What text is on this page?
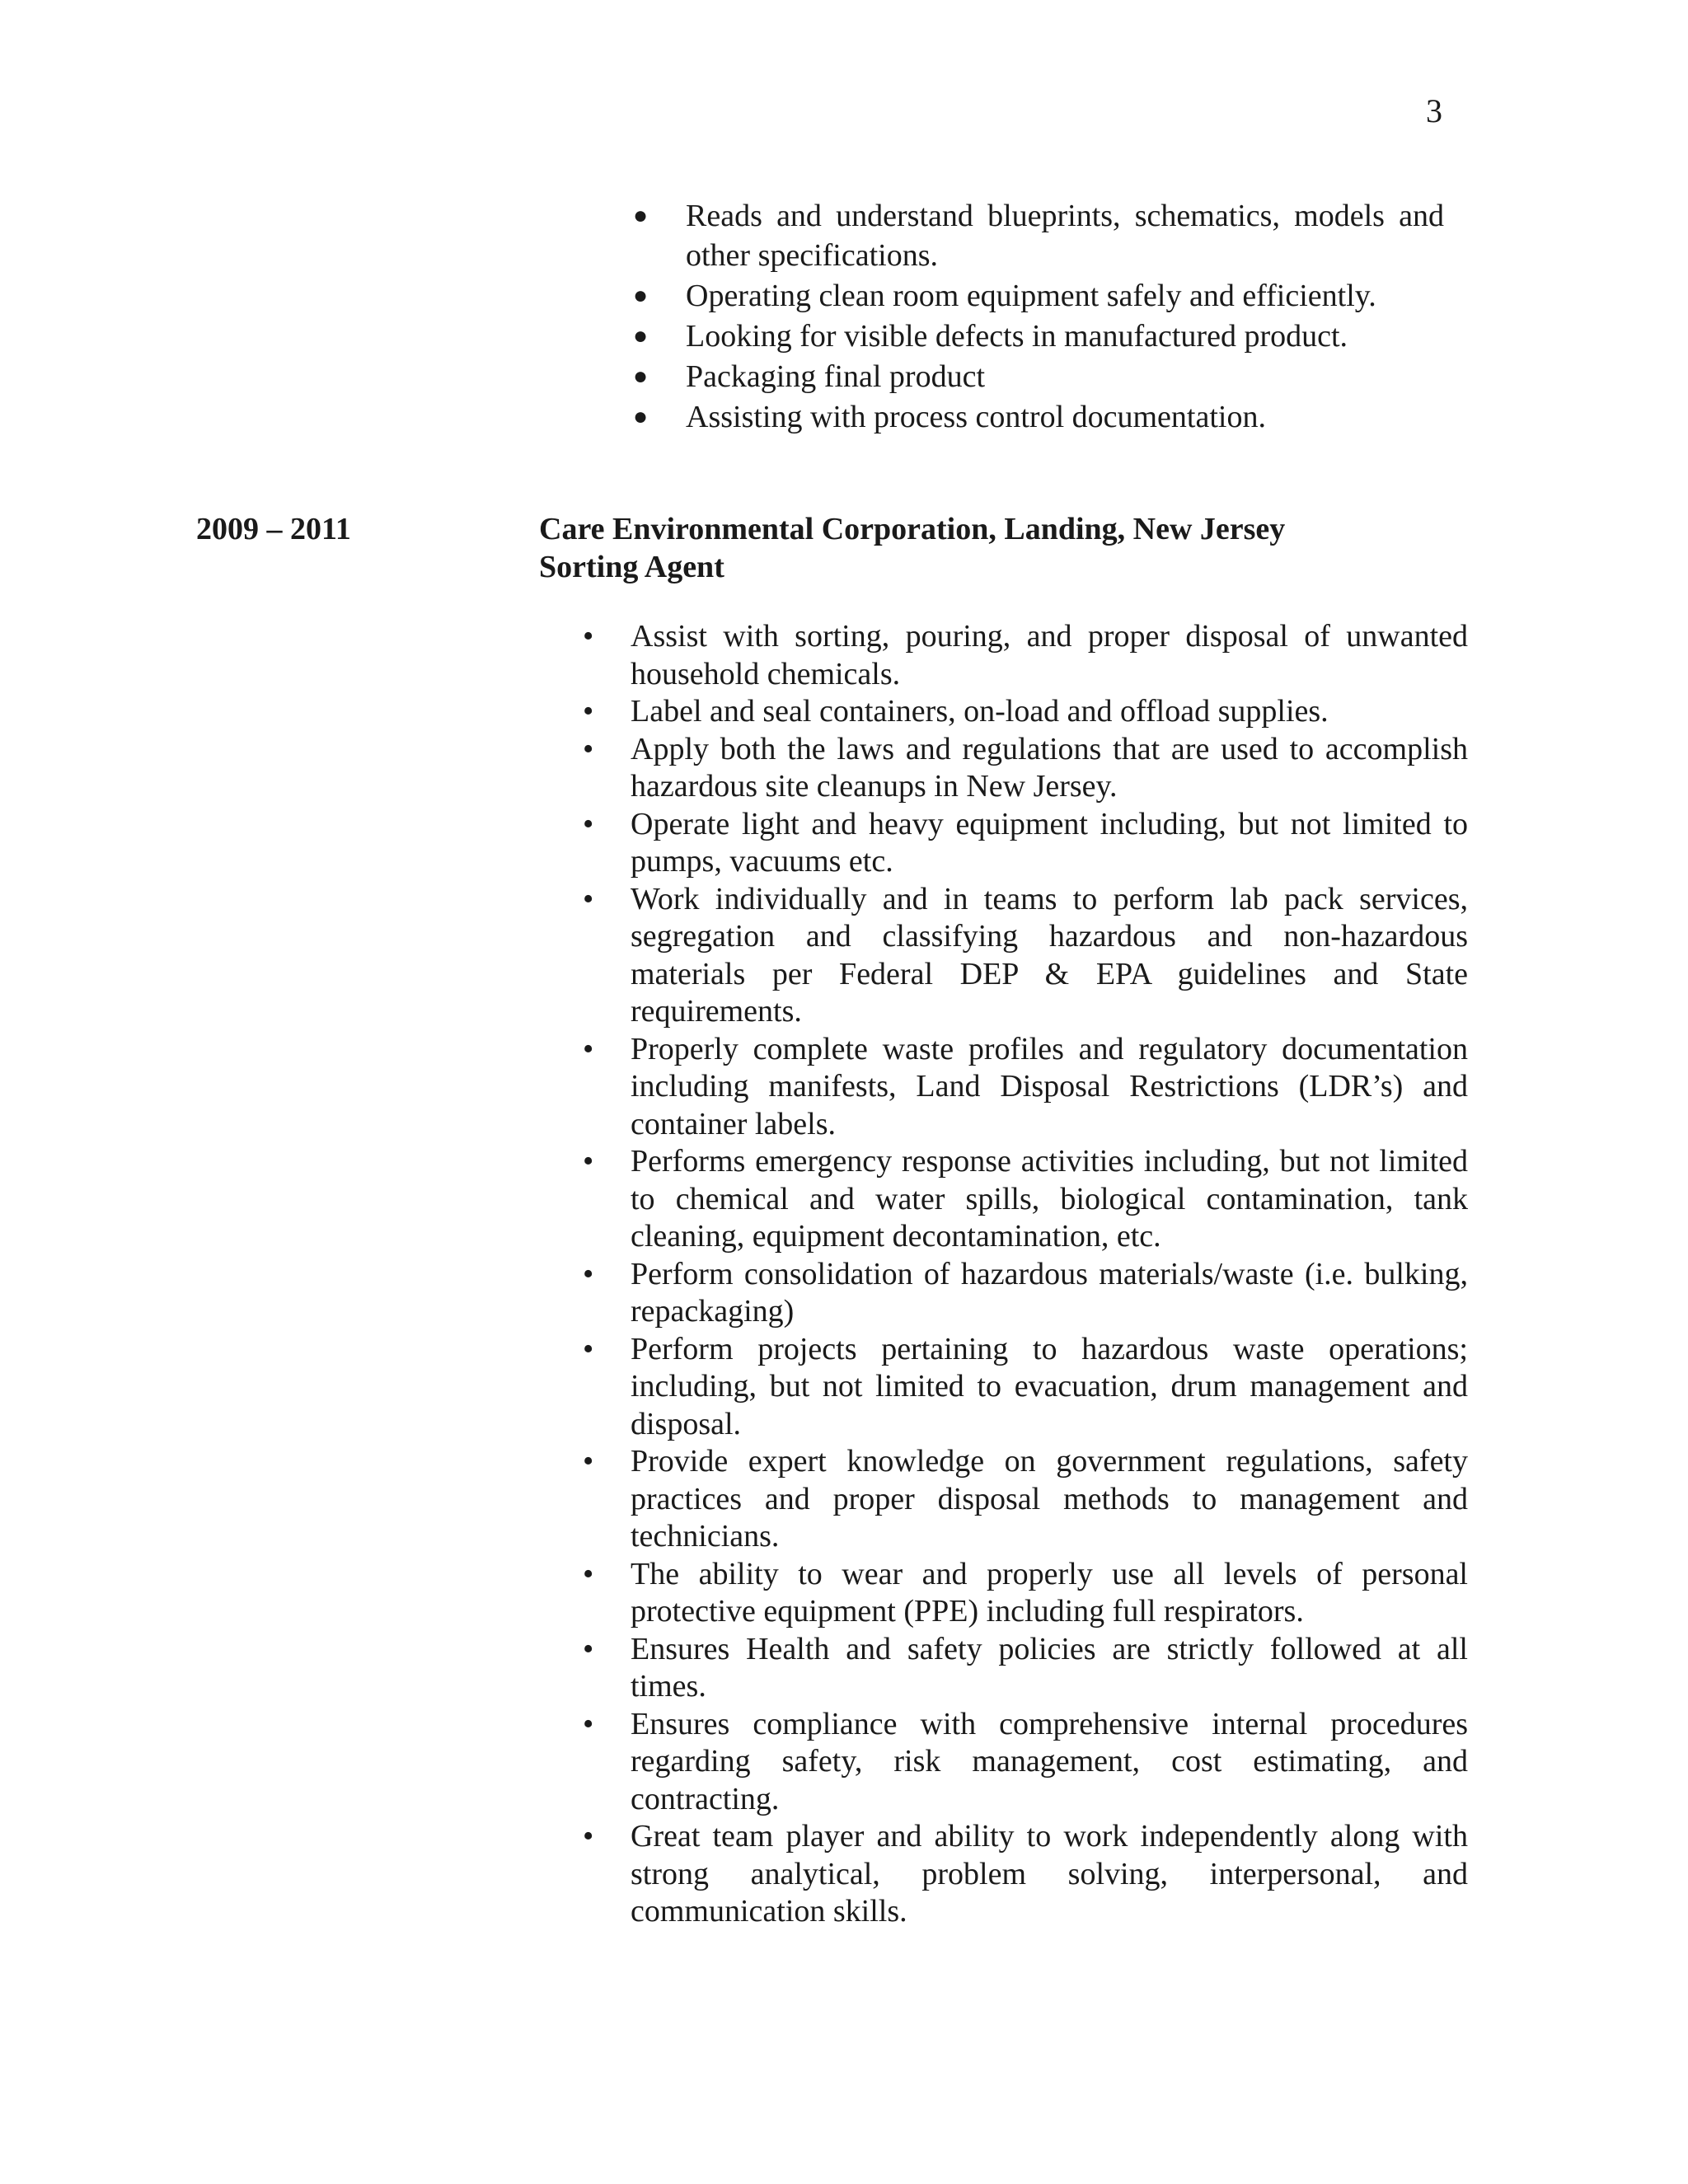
3
● Reads and understand blueprints, schematics, models and other specifications.
● Operating clean room equipment safely and efficiently.
● Looking for visible defects in manufactured product.
● Packaging final product
● Assisting with process control documentation.
2009 – 2011	Care Environmental Corporation, Landing, New Jersey
Sorting Agent
• Assist with sorting, pouring, and proper disposal of unwanted household chemicals.
• Label and seal containers, on-load and offload supplies.
• Apply both the laws and regulations that are used to accomplish hazardous site cleanups in New Jersey.
• Operate light and heavy equipment including, but not limited to pumps, vacuums etc.
• Work individually and in teams to perform lab pack services, segregation and classifying hazardous and non-hazardous materials per Federal DEP & EPA guidelines and State requirements.
• Properly complete waste profiles and regulatory documentation including manifests, Land Disposal Restrictions (LDR’s) and container labels.
• Performs emergency response activities including, but not limited to chemical and water spills, biological contamination, tank cleaning, equipment decontamination, etc.
• Perform consolidation of hazardous materials/waste (i.e. bulking, repackaging)
• Perform projects pertaining to hazardous waste operations; including, but not limited to evacuation, drum management and disposal.
• Provide expert knowledge on government regulations, safety practices and proper disposal methods to management and technicians.
• The ability to wear and properly use all levels of personal protective equipment (PPE) including full respirators.
• Ensures Health and safety policies are strictly followed at all times.
• Ensures compliance with comprehensive internal procedures regarding safety, risk management, cost estimating, and contracting.
• Great team player and ability to work independently along with strong analytical, problem solving, interpersonal, and communication skills.
